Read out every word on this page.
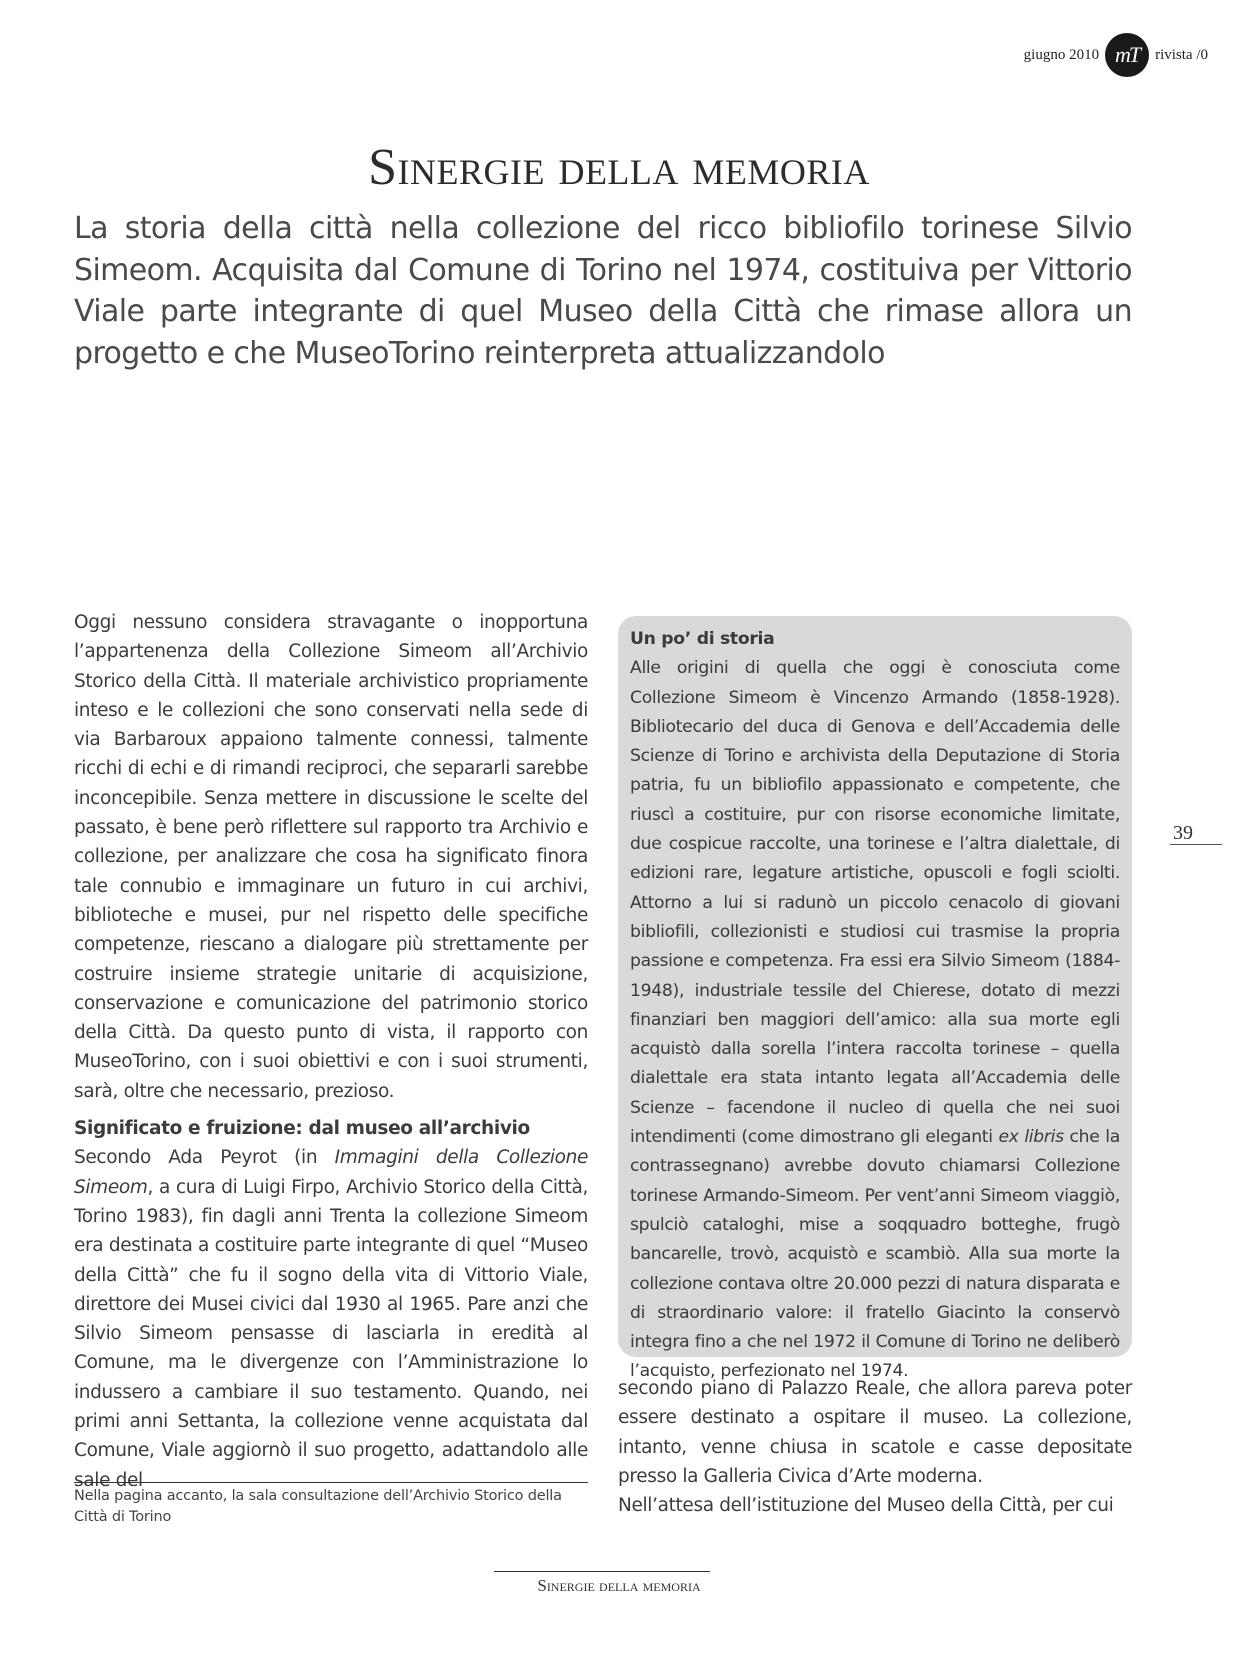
giugno 2010 mT	rivista /0
Sinergie della memoria

La storia della città nella collezione del ricco bibliofilo torinese Silvio Simeom. Acquisita dal Comune di Torino nel 1974, costituiva per Vittorio Viale parte integrante di quel Museo della Città che rimase allora un progetto e che MuseoTorino reinterpreta attualizzandolo

Oggi nessuno considera stravagante o inopportuna l’appartenenza della Collezione Simeom all’Archivio Storico della Città. Il materiale archivistico propriamente inteso e le collezioni che sono conservati nella sede di via Barbaroux appaiono talmente connessi, talmente ricchi di echi e di rimandi reciproci, che separarli sarebbe inconcepibile. Senza mettere in discussione le scelte del passato, è bene però riflettere sul rapporto tra Archivio e collezione, per analizzare che cosa ha significato finora tale connubio e immaginare un futuro in cui archivi, biblioteche e musei, pur nel rispetto delle specifiche competenze, riescano a dialogare più strettamente per costruire insieme strategie unitarie di acquisizione, conservazione e comunicazione del patrimonio storico della Città. Da questo punto di vista, il rapporto con MuseoTorino, con i suoi obiettivi e con i suoi strumenti, sarà, oltre che necessario, prezioso.

Significato e fruizione: dal museo all’archivio

Secondo Ada Peyrot (in Immagini della Collezione Simeom, a cura di Luigi Firpo, Archivio Storico della Città, Torino 1983), fin dagli anni Trenta la collezione Simeom era destinata a costituire parte integrante di quel “Museo della Città” che fu il sogno della vita di Vittorio Viale, direttore dei Musei civici dal 1930 al 1965. Pare anzi che Silvio Simeom pensasse di lasciarla in eredità al Comune, ma le divergenze con l’Amministrazione lo indussero a cambiare il suo testamento. Quando, nei primi anni Settanta, la collezione venne acquistata dal Comune, Viale aggiornò il suo progetto, adattandolo alle sale del

Un po’ di storia

Alle origini di quella che oggi è conosciuta come Collezione Simeom è Vincenzo Armando (1858-1928). Bibliotecario del duca di Genova e dell’Accademia delle Scienze di Torino e archivista della Deputazione di Storia patria, fu un bibliofilo appassionato e competente, che riuscì a costituire, pur con risorse economiche limitate, due cospicue raccolte, una torinese e l’altra dialettale, di edizioni rare, legature artistiche, opuscoli e fogli sciolti. Attorno a lui si radunò un piccolo cenacolo di giovani bibliofili, collezionisti e studiosi cui trasmise la propria passione e competenza. Fra essi era Silvio Simeom (1884-1948), industriale tessile del Chierese, dotato di mezzi finanziari ben maggiori dell’amico: alla sua morte egli acquistò dalla sorella l’intera raccolta torinese – quella dialettale era stata intanto legata all’Accademia delle Scienze – facendone il nucleo di quella che nei suoi intendimenti (come dimostrano gli eleganti ex libris che la contrassegnano) avrebbe dovuto chiamarsi Collezione torinese Armando-Simeom. Per vent’anni Simeom viaggiò, spulciò cataloghi, mise a soqquadro botteghe, frugò bancarelle, trovò, acquistò e scambiò. Alla sua morte la collezione contava oltre 20.000 pezzi di natura disparata e di straordinario valore: il fratello Giacinto la conservò integra fino a che nel 1972 il Comune di Torino ne deliberò l’acquisto, perfezionato nel 1974.

secondo piano di Palazzo Reale, che allora pareva poter essere destinato a ospitare il museo. La collezione, intanto, venne chiusa in scatole e casse depositate presso la Galleria Civica d’Arte moderna.

Nell’attesa dell’istituzione del Museo della Città, per cui

39
Nella pagina accanto, la sala consultazione dell’Archivio Storico della Città di Torino
Sinergie della memoria
